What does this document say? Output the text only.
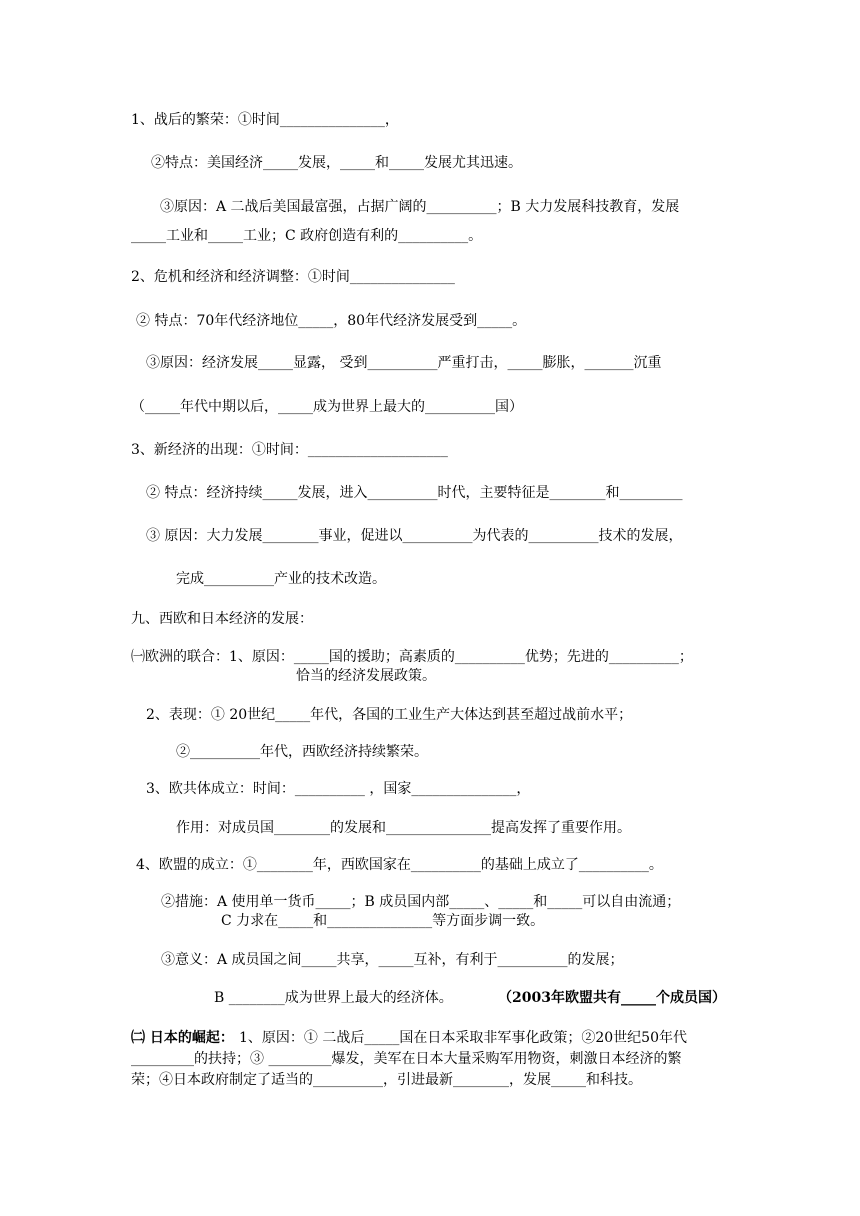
1、战后的繁荣：①时间_______________，
②特点：美国经济_____发展，_____和_____发展尤其迅速。
③原因：A 二战后美国最富强，占据广阔的__________；B 大力发展科技教育，发展
_____工业和_____工业；C 政府创造有利的__________。
2、危机和经济和经济调整：①时间_______________
② 特点：70年代经济地位_____，80年代经济发展受到_____。
③原因：经济发展_____显露， 受到__________严重打击，_____膨胀，_______沉重
（_____年代中期以后，_____成为世界上最大的__________国）
3、新经济的出现：①时间：____________________
② 特点：经济持续_____发展，进入__________时代，主要特征是________和_________
③ 原因：大力发展________事业，促进以__________为代表的__________技术的发展，
完成__________产业的技术改造。
九、西欧和日本经济的发展：
㈠欧洲的联合：1、原因：_____国的援助；高素质的__________优势；先进的__________；
恰当的经济发展政策。
2、表现：① 20世纪_____年代，各国的工业生产大体达到甚至超过战前水平；
②__________年代，西欧经济持续繁荣。
3、欧共体成立：时间：__________ ，国家_______________，
作用：对成员国________的发展和_______________提高发挥了重要作用。
4、欧盟的成立：①________年，西欧国家在__________的基础上成立了__________。
②措施：A 使用单一货币_____；B 成员国内部_____、_____和_____可以自由流通；
C 力求在_____和_______________等方面步调一致。
③意义：A 成员国之间_____共享，_____互补，有利于__________的发展；
B ________成为世界上最大的经济体。	（2003年欧盟共有_____个成员国）
㈡ 日本的崛起： 1、原因：① 二战后_____国在日本采取非军事化政策；②20世纪50年代
_________的扶持；③ _________爆发，美军在日本大量采购军用物资，刺激日本经济的繁
荣；④日本政府制定了适当的__________，引进最新________，发展_____和科技。
